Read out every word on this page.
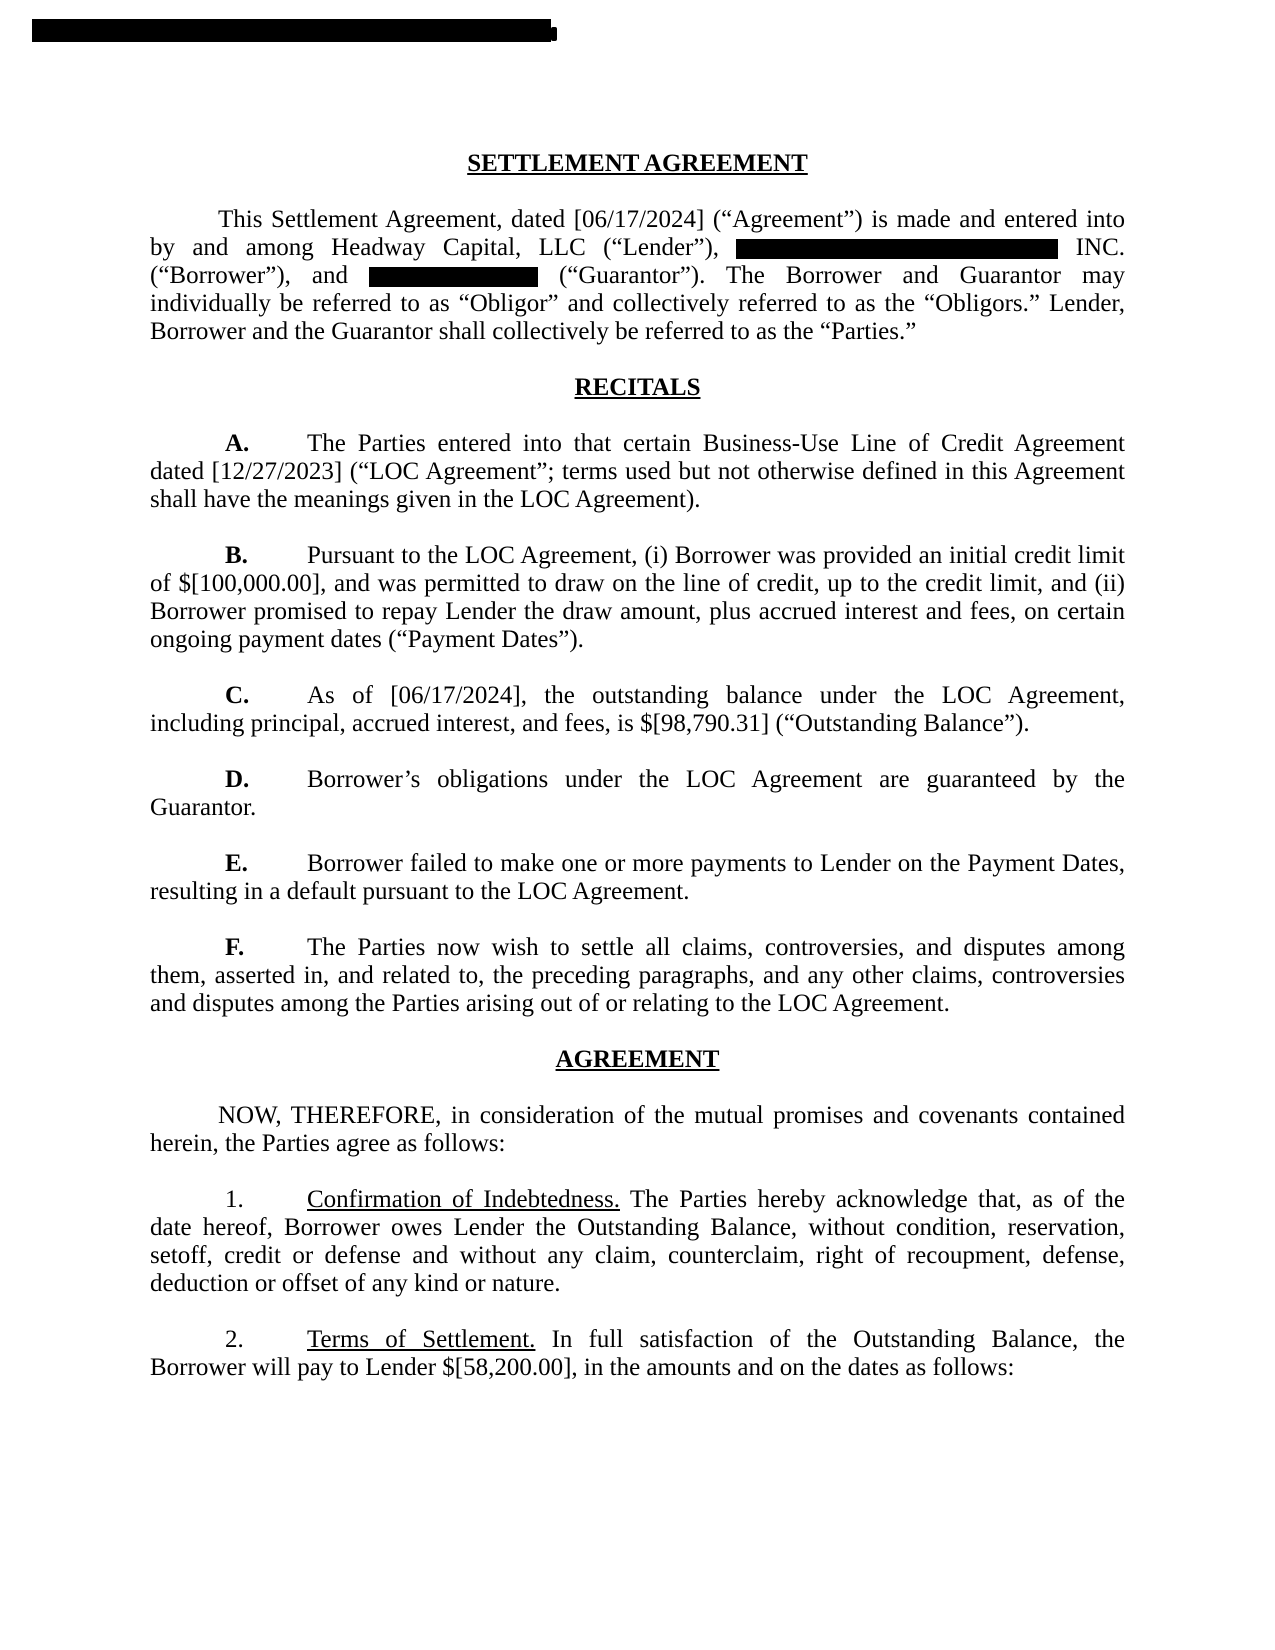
SETTLEMENT AGREEMENT

This Settlement Agreement, dated [06/17/2024] (“Agreement”) is made and entered into by and among Headway Capital, LLC (“Lender”),	INC.(“Borrower”), and	(“Guarantor”). The Borrower and Guarantor may individually be referred to as “Obligor” and collectively referred to as the “Obligors.” Lender, Borrower and the Guarantor shall collectively be referred to as the “Parties.”

RECITALS

A. The Parties entered into that certain Business-Use Line of Credit Agreement dated [12/27/2023] (“LOC Agreement”; terms used but not otherwise defined in this Agreement shall have the meanings given in the LOC Agreement).

B. Pursuant to the LOC Agreement, (i) Borrower was provided an initial credit limit of $[100,000.00], and was permitted to draw on the line of credit, up to the credit limit, and (ii) Borrower promised to repay Lender the draw amount, plus accrued interest and fees, on certain ongoing payment dates (“Payment Dates”).

C. As of [06/17/2024], the outstanding balance under the LOC Agreement, including principal, accrued interest, and fees, is $[98,790.31] (“Outstanding Balance”).

D. Borrower’s obligations under the LOC Agreement are guaranteed by the Guarantor.

E. Borrower failed to make one or more payments to Lender on the Payment Dates, resulting in a default pursuant to the LOC Agreement.

F.	The Parties now wish to settle all claims, controversies, and disputes among them, asserted in, and related to, the preceding paragraphs, and any other claims, controversies and disputes among the Parties arising out of or relating to the LOC Agreement.

AGREEMENT

NOW, THEREFORE, in consideration of the mutual promises and covenants contained herein, the Parties agree as follows:

1.	Confirmation of Indebtedness. The Parties hereby acknowledge that, as of the date hereof, Borrower owes Lender the Outstanding Balance, without condition, reservation, setoff, credit or defense and without any claim, counterclaim, right of recoupment, defense, deduction or offset of any kind or nature.

2.	Terms of Settlement. In full satisfaction of the Outstanding Balance, the Borrower will pay to Lender $[58,200.00], in the amounts and on the dates as follows:
